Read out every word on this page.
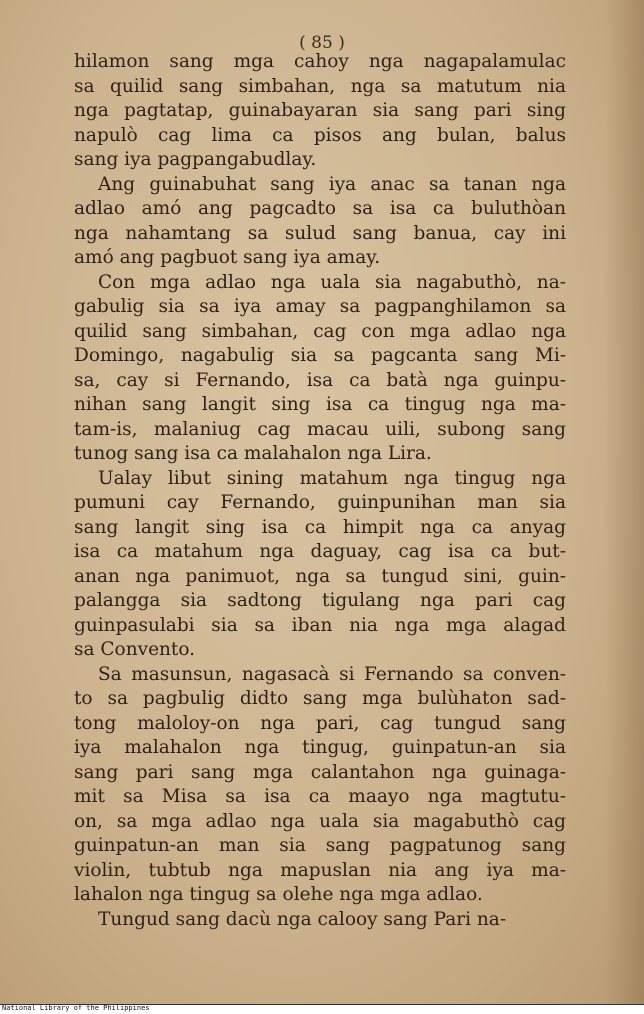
( 85 )
hilamon sang mga cahoy nga nagapalamulac
sa quilid sang simbahan, nga sa matutum nia
nga pagtatap, guinabayaran sia sang pari sing
napulò cag lima ca pisos ang bulan, balus
sang iya pagpangabudlay.
Ang guinabuhat sang iya anac sa tanan nga
adlao amó ang pagcadto sa isa ca buluthòan
nga nahamtang sa sulud sang banua, cay ini
amó ang pagbuot sang iya amay.
Con mga adlao nga uala sia nagabuthò, na-
gabulig sia sa iya amay sa pagpanghilamon sa
quilid sang simbahan, cag con mga adlao nga
Domingo, nagabulig sia sa pagcanta sang Mi-
sa, cay si Fernando, isa ca batà nga guinpu-
nihan sang langit sing isa ca tingug nga ma-
tam-is, malaniug cag macau uili, subong sang
tunog sang isa ca malahalon nga Lira.
Ualay libut sining matahum nga tingug nga
pumuni cay Fernando, guinpunihan man sia
sang langit sing isa ca himpit nga ca anyag
isa ca matahum nga daguay, cag isa ca but-
anan nga panimuot, nga sa tungud sini, guin-
palangga sia sadtong tigulang nga pari cag
guinpasulabi sia sa iban nia nga mga alagad
sa Convento.
Sa masunsun, nagasacà si Fernando sa conven-
to sa pagbulig didto sang mga bulùhaton sad-
tong maloloy-on nga pari, cag tungud sang
iya malahalon nga tingug, guinpatun-an sia
sang pari sang mga calantahon nga guinaga-
mit sa Misa sa isa ca maayo nga magtutu-
on, sa mga adlao nga uala sia magabuthò cag
guinpatun-an man sia sang pagpatunog sang
violin, tubtub nga mapuslan nia ang iya ma-
lahalon nga tingug sa olehe nga mga adlao.
Tungud sang dacù nga calooy sang Pari na-
National Library of the Philippines
